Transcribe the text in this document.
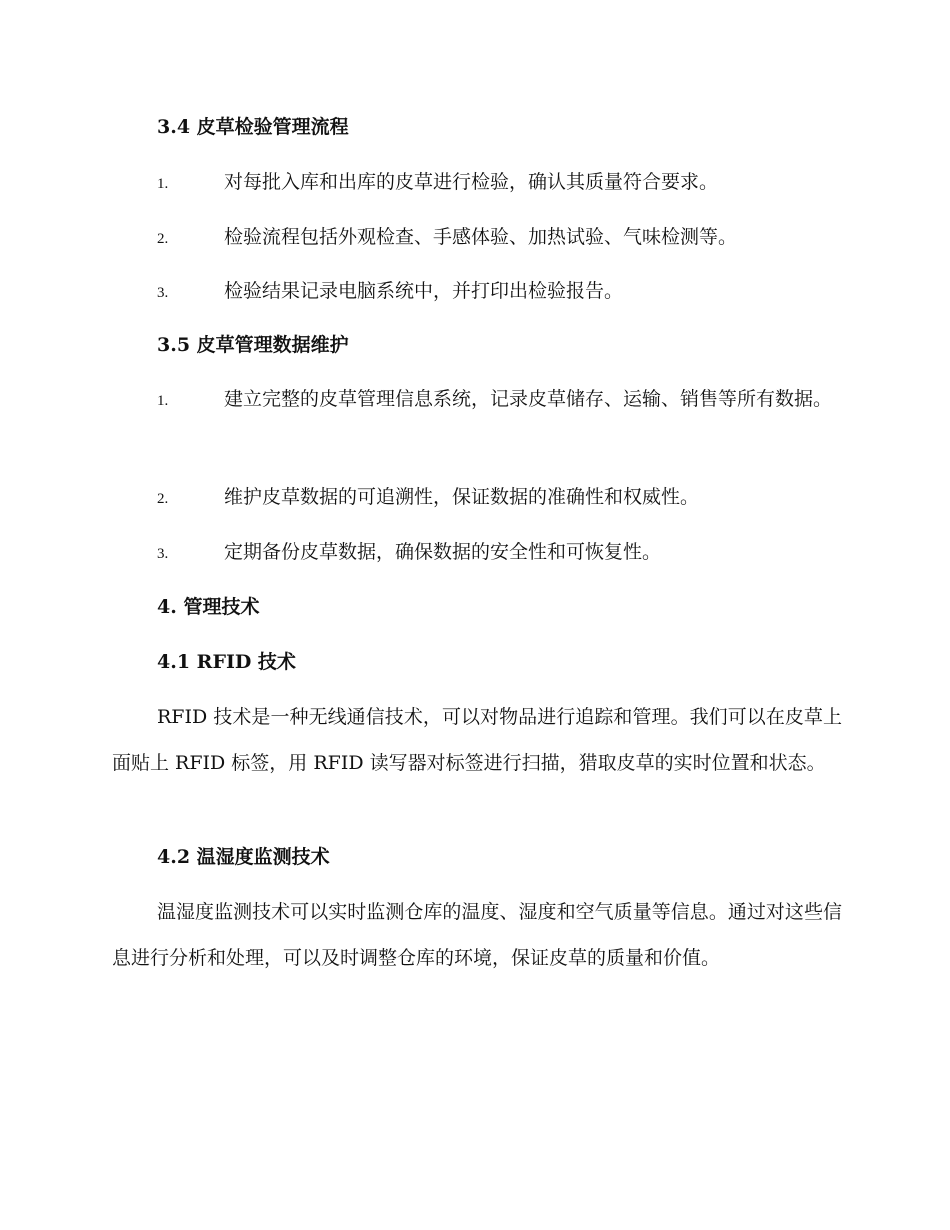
3.4 皮草检验管理流程
1.	对每批入库和出库的皮草进行检验，确认其质量符合要求。
2.	检验流程包括外观检查、手感体验、加热试验、气味检测等。
3.	检验结果记录电脑系统中，并打印出检验报告。
3.5 皮草管理数据维护
1.	建立完整的皮草管理信息系统，记录皮草储存、运输、销售等所有数据。
2.	维护皮草数据的可追溯性，保证数据的准确性和权威性。
3.	定期备份皮草数据，确保数据的安全性和可恢复性。
4. 管理技术
4.1 RFID 技术
RFID 技术是一种无线通信技术，可以对物品进行追踪和管理。我们可以在皮草上面贴上 RFID 标签，用 RFID 读写器对标签进行扫描，猎取皮草的实时位置和状态。
4.2 温湿度监测技术
温湿度监测技术可以实时监测仓库的温度、湿度和空气质量等信息。通过对这些信息进行分析和处理，可以及时调整仓库的环境，保证皮草的质量和价值。
